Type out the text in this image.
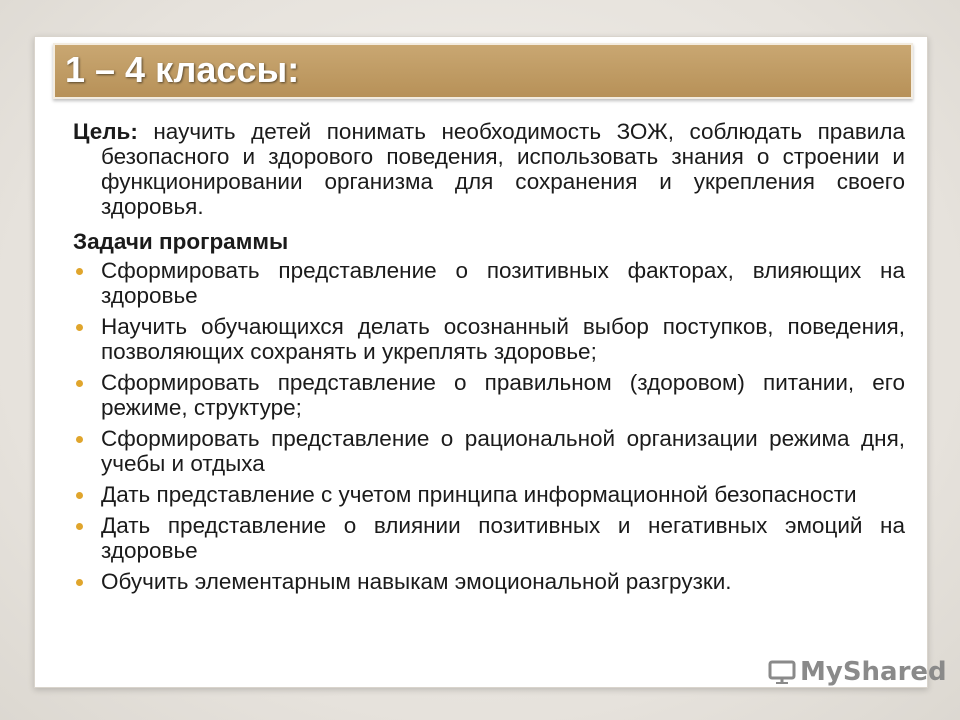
1 – 4 классы:

Цель: научить детей понимать необходимость ЗОЖ, соблюдать правила безопасного и здорового поведения, использовать знания о строении и функционировании организма для сохранения и укрепления своего здоровья.

Задачи программы
Сформировать представление о позитивных факторах, влияющих на здоровье
Научить обучающихся делать осознанный выбор поступков, поведения, позволяющих сохранять и укреплять здоровье;
Сформировать представление о правильном (здоровом) питании, его режиме, структуре;
Сформировать представление о рациональной организации режима дня, учебы и отдыха
Дать представление с учетом принципа информационной безопасности
Дать представление о влиянии позитивных и негативных эмоций на здоровье
Обучить элементарным навыкам эмоциональной разгрузки.
MyShared
